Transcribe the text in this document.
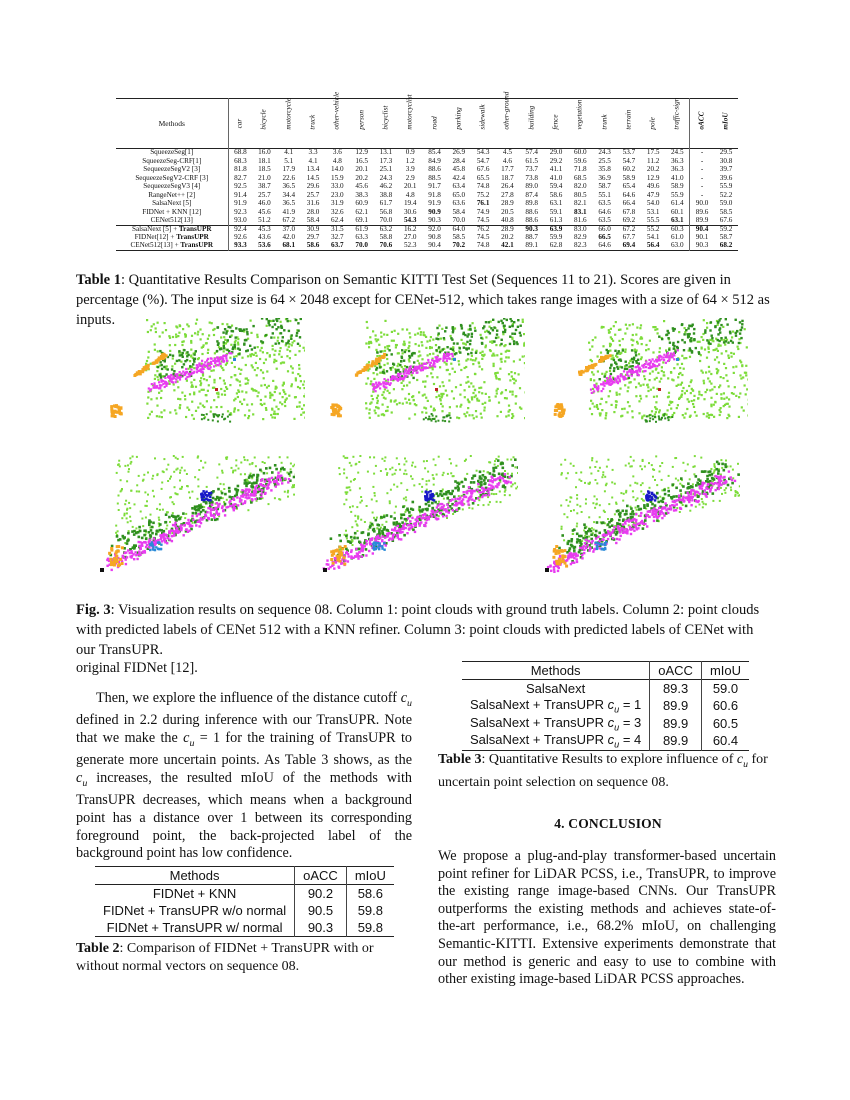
Methods	car	bicycle	motorcycle	truck	other-vehicle	person	bicyclist	motorcyclist	road	parking	sidewalk	other-ground	building	fence	vegetation	trunk	terrain	pole	traffic-sign	oACC	mIoU

SqueezeSeg[1]	68.8	16.0	4.1	3.3	3.6	12.9	13.1	0.9	85.4	26.9	54.3	4.5	57.4	29.0	60.0	24.3	53.7	17.5	24.5	-	29.5
SqueezeSeg-CRF[1]	68.3	18.1	5.1	4.1	4.8	16.5	17.3	1.2	84.9	28.4	54.7	4.6	61.5	29.2	59.6	25.5	54.7	11.2	36.3	-	30.8
SequeezeSegV2 [3]	81.8	18.5	17.9	13.4	14.0	20.1	25.1	3.9	88.6	45.8	67.6	17.7	73.7	41.1	71.8	35.8	60.2	20.2	36.3	-	39.7
SequeezeSegV2-CRF [3]	82.7	21.0	22.6	14.5	15.9	20.2	24.3	2.9	88.5	42.4	65.5	18.7	73.8	41.0	68.5	36.9	58.9	12.9	41.0	-	39.6
SequeezeSegV3 [4]	92.5	38.7	36.5	29.6	33.0	45.6	46.2	20.1	91.7	63.4	74.8	26.4	89.0	59.4	82.0	58.7	65.4	49.6	58.9	-	55.9
RangeNet++ [2]	91.4	25.7	34.4	25.7	23.0	38.3	38.8	4.8	91.8	65.0	75.2	27.8	87.4	58.6	80.5	55.1	64.6	47.9	55.9	-	52.2
SalsaNext [5]	91.9	46.0	36.5	31.6	31.9	60.9	61.7	19.4	91.9	63.6	76.1	28.9	89.8	63.1	82.1	63.5	66.4	54.0	61.4	90.0	59.0
FIDNet + KNN [12]	92.3	45.6	41.9	28.0	32.6	62.1	56.8	30.6	90.9	58.4	74.9	20.5	88.6	59.1	83.1	64.6	67.8	53.1	60.1	89.6	58.5
CENet512[13]	93.0	51.2	67.2	58.4	62.4	69.1	70.0	54.3	90.3	70.0	74.5	40.8	88.6	61.3	81.6	63.5	69.2	55.5	63.1	89.9	67.6
SalsaNext [5] + TransUPR	92.4	45.3	37.0	30.9	31.5	61.9	63.2	16.2	92.0	64.0	76.2	28.9	90.3	63.9	83.0	66.0	67.2	55.2	60.3	90.4	59.2
FIDNet[12] + TransUPR	92.6	43.6	42.0	29.7	32.7	63.3	58.8	27.0	90.8	58.5	74.5	20.2	88.7	59.9	82.9	66.5	67.7	54.1	61.0	90.1	58.7
CENet512[13] + TransUPR	93.3	53.6	68.1	58.6	63.7	70.0	70.6	52.3	90.4	70.2	74.8	42.1	89.1	62.8	82.3	64.6	69.4	56.4	63.0	90.3	68.2
Table 1: Quantitative Results Comparison on Semantic KITTI Test Set (Sequences 11 to 21). Scores are given in percentage (%). The input size is 64 × 2048 except for CENet-512, which takes range images with a size of 64 × 512 as inputs.
Fig. 3: Visualization results on sequence 08. Column 1: point clouds with ground truth labels. Column 2: point clouds with predicted labels of CENet 512 with a KNN refiner. Column 3: point clouds with predicted labels of CENet with our TransUPR.
original FIDNet [12].
Then, we explore the influence of the distance cutoff $c_u$ defined in 2.2 during inference with our TransUPR. Note that we make the $c_u = 1$ for the training of TransUPR to generate more uncertain points. As Table 3 shows, as the $c_u$ increases, the resulted mIoU of the methods with TransUPR decreases, which means when a background point has a distance over 1 between its corresponding foreground point, the back-projected label of the background point has low confidence.
Methods	oACC	mIoU
FIDNet + KNN	90.2	58.6
FIDNet + TransUPR w/o normal	90.5	59.8
FIDNet + TransUPR w/ normal	90.3	59.8
Table 2: Comparison of FIDNet + TransUPR with or without normal vectors on sequence 08.
Methods	oACC	mIoU
SalsaNext	89.3	59.0
SalsaNext + TransUPR $c_u = 1$	89.9	60.6
SalsaNext + TransUPR $c_u = 3$	89.9	60.5
SalsaNext + TransUPR $c_u = 4$	89.9	60.4
Table 3: Quantitative Results to explore influence of $c_u$ for uncertain point selection on sequence 08.
4. CONCLUSION
We propose a plug-and-play transformer-based uncertain point refiner for LiDAR PCSS, i.e., TransUPR, to improve the existing range image-based CNNs. Our TransUPR outperforms the existing methods and achieves state-of-the-art performance, i.e., 68.2% mIoU, on challenging Semantic-KITTI. Extensive experiments demonstrate that our method is generic and easy to use to combine with other existing image-based LiDAR PCSS approaches.
